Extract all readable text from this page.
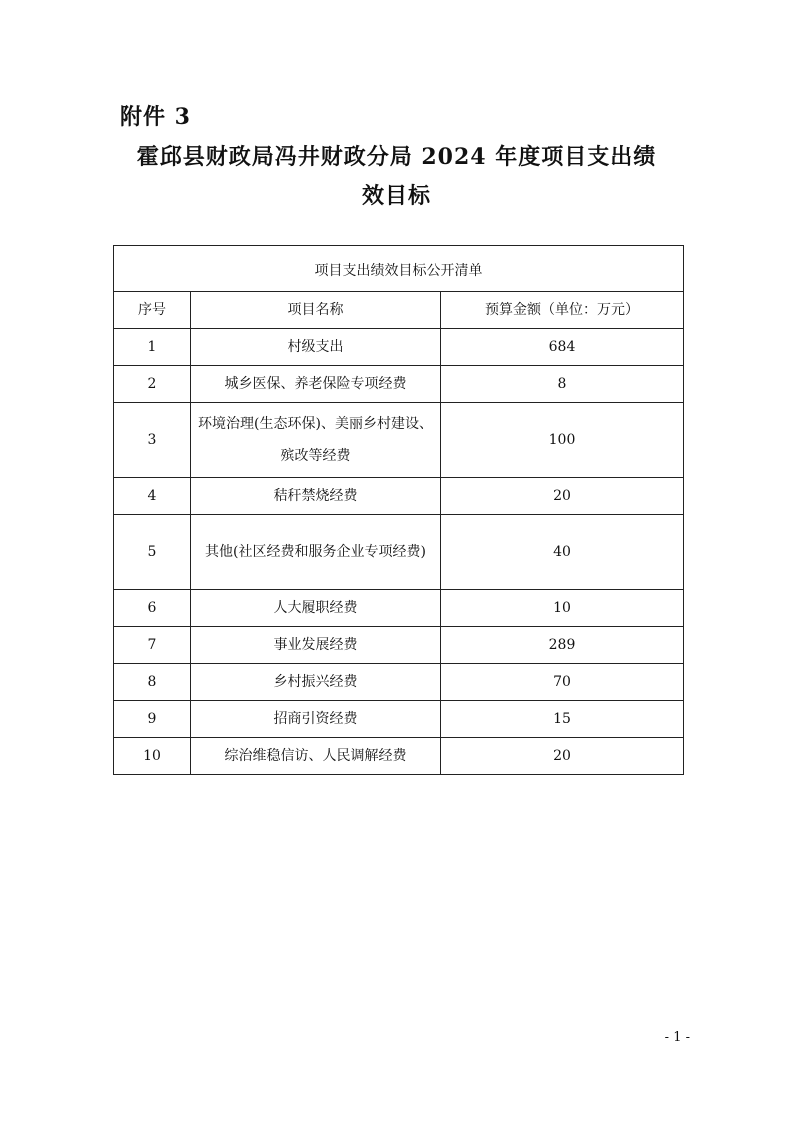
附件 3
霍邱县财政局冯井财政分局 2024 年度项目支出绩
效目标
项目支出绩效目标公开清单		
序号	项目名称	预算金额（单位：万元）
1	村级支出	684
2	城乡医保、养老保险专项经费	8
3	环境治理(生态环保)、美丽乡村建设、殡改等经费	100
4	秸秆禁烧经费	20
5	其他(社区经费和服务企业专项经费)	40
6	人大履职经费	10
7	事业发展经费	289
8	乡村振兴经费	70
9	招商引资经费	15
10	综治维稳信访、人民调解经费	20
- 1 -
